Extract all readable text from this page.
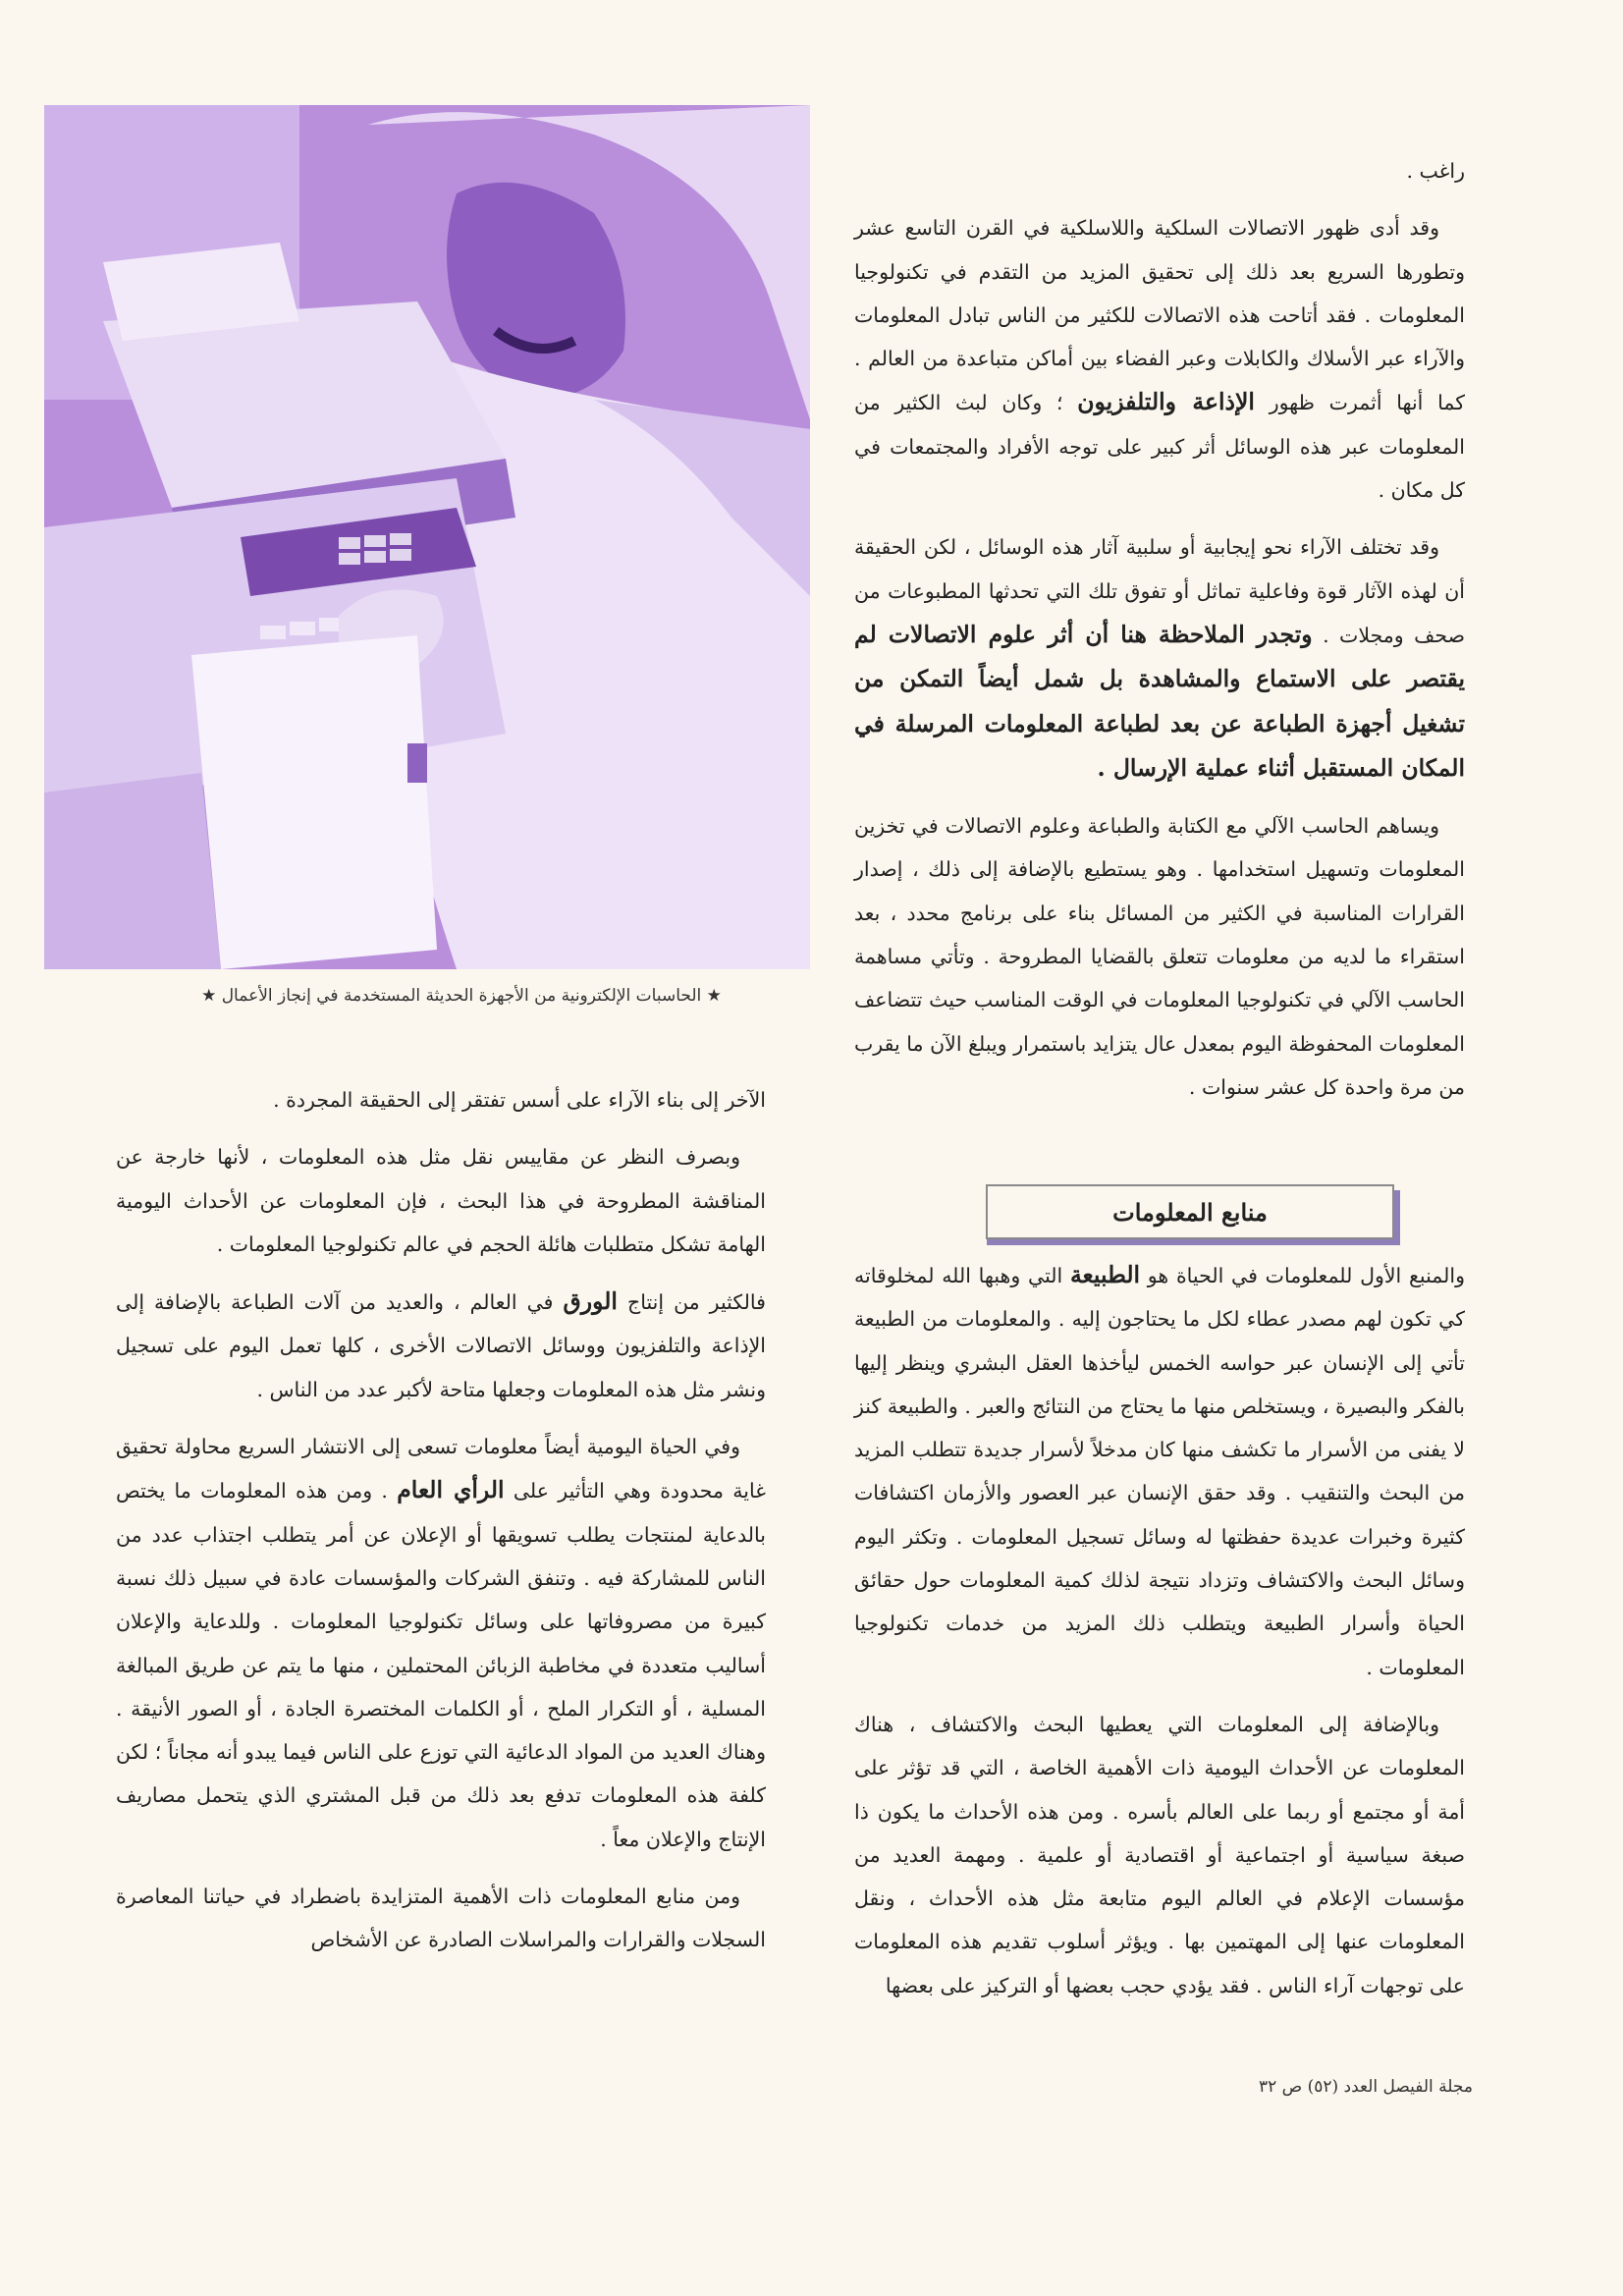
★ الحاسبات الإلكترونية من الأجهزة الحديثة المستخدمة في إنجاز الأعمال ★

راغب .

وقد أدى ظهور الاتصالات السلكية واللاسلكية في القرن التاسع عشر وتطورها السريع بعد ذلك إلى تحقيق المزيد من التقدم في تكنولوجيا المعلومات . فقد أتاحت هذه الاتصالات للكثير من الناس تبادل المعلومات والآراء عبر الأسلاك والكابلات وعبر الفضاء بين أماكن متباعدة من العالم . كما أنها أثمرت ظهور الإذاعة والتلفزيون ؛ وكان لبث الكثير من المعلومات عبر هذه الوسائل أثر كبير على توجه الأفراد والمجتمعات في كل مكان .

وقد تختلف الآراء نحو إيجابية أو سلبية آثار هذه الوسائل ، لكن الحقيقة أن لهذه الآثار قوة وفاعلية تماثل أو تفوق تلك التي تحدثها المطبوعات من صحف ومجلات . وتجدر الملاحظة هنا أن أثر علوم الاتصالات لم يقتصر على الاستماع والمشاهدة بل شمل أيضاً التمكن من تشغيل أجهزة الطباعة عن بعد لطباعة المعلومات المرسلة في المكان المستقبل أثناء عملية الإرسال .

ويساهم الحاسب الآلي مع الكتابة والطباعة وعلوم الاتصالات في تخزين المعلومات وتسهيل استخدامها . وهو يستطيع بالإضافة إلى ذلك ، إصدار القرارات المناسبة في الكثير من المسائل بناء على برنامج محدد ، بعد استقراء ما لديه من معلومات تتعلق بالقضايا المطروحة . وتأتي مساهمة الحاسب الآلي في تكنولوجيا المعلومات في الوقت المناسب حيث تتضاعف المعلومات المحفوظة اليوم بمعدل عال يتزايد باستمرار ويبلغ الآن ما يقرب من مرة واحدة كل عشر سنوات .

منابع المعلومات

والمنبع الأول للمعلومات في الحياة هو الطبيعة التي وهبها الله لمخلوقاته كي تكون لهم مصدر عطاء لكل ما يحتاجون إليه . والمعلومات من الطبيعة تأتي إلى الإنسان عبر حواسه الخمس ليأخذها العقل البشري وينظر إليها بالفكر والبصيرة ، ويستخلص منها ما يحتاج من النتائج والعبر . والطبيعة كنز لا يفنى من الأسرار ما تكشف منها كان مدخلاً لأسرار جديدة تتطلب المزيد من البحث والتنقيب . وقد حقق الإنسان عبر العصور والأزمان اكتشافات كثيرة وخبرات عديدة حفظتها له وسائل تسجيل المعلومات . وتكثر اليوم وسائل البحث والاكتشاف وتزداد نتيجة لذلك كمية المعلومات حول حقائق الحياة وأسرار الطبيعة ويتطلب ذلك المزيد من خدمات تكنولوجيا المعلومات .

وبالإضافة إلى المعلومات التي يعطيها البحث والاكتشاف ، هناك المعلومات عن الأحداث اليومية ذات الأهمية الخاصة ، التي قد تؤثر على أمة أو مجتمع أو ربما على العالم بأسره . ومن هذه الأحداث ما يكون ذا صبغة سياسية أو اجتماعية أو اقتصادية أو علمية . ومهمة العديد من مؤسسات الإعلام في العالم اليوم متابعة مثل هذه الأحداث ، ونقل المعلومات عنها إلى المهتمين بها . ويؤثر أسلوب تقديم هذه المعلومات على توجهات آراء الناس . فقد يؤدي حجب بعضها أو التركيز على بعضها

الآخر إلى بناء الآراء على أسس تفتقر إلى الحقيقة المجردة .

وبصرف النظر عن مقاييس نقل مثل هذه المعلومات ، لأنها خارجة عن المناقشة المطروحة في هذا البحث ، فإن المعلومات عن الأحداث اليومية الهامة تشكل متطلبات هائلة الحجم في عالم تكنولوجيا المعلومات .

فالكثير من إنتاج الورق في العالم ، والعديد من آلات الطباعة بالإضافة إلى الإذاعة والتلفزيون ووسائل الاتصالات الأخرى ، كلها تعمل اليوم على تسجيل ونشر مثل هذه المعلومات وجعلها متاحة لأكبر عدد من الناس .

وفي الحياة اليومية أيضاً معلومات تسعى إلى الانتشار السريع محاولة تحقيق غاية محدودة وهي التأثير على الرأي العام . ومن هذه المعلومات ما يختص بالدعاية لمنتجات يطلب تسويقها أو الإعلان عن أمر يتطلب اجتذاب عدد من الناس للمشاركة فيه . وتنفق الشركات والمؤسسات عادة في سبيل ذلك نسبة كبيرة من مصروفاتها على وسائل تكنولوجيا المعلومات . وللدعاية والإعلان أساليب متعددة في مخاطبة الزبائن المحتملين ، منها ما يتم عن طريق المبالغة المسلية ، أو التكرار الملح ، أو الكلمات المختصرة الجادة ، أو الصور الأنيقة . وهناك العديد من المواد الدعائية التي توزع على الناس فيما يبدو أنه مجاناً ؛ لكن كلفة هذه المعلومات تدفع بعد ذلك من قبل المشتري الذي يتحمل مصاريف الإنتاج والإعلان معاً .

ومن منابع المعلومات ذات الأهمية المتزايدة باضطراد في حياتنا المعاصرة السجلات والقرارات والمراسلات الصادرة عن الأشخاص

مجلة الفيصل العدد (٥٢) ص ٣٢
